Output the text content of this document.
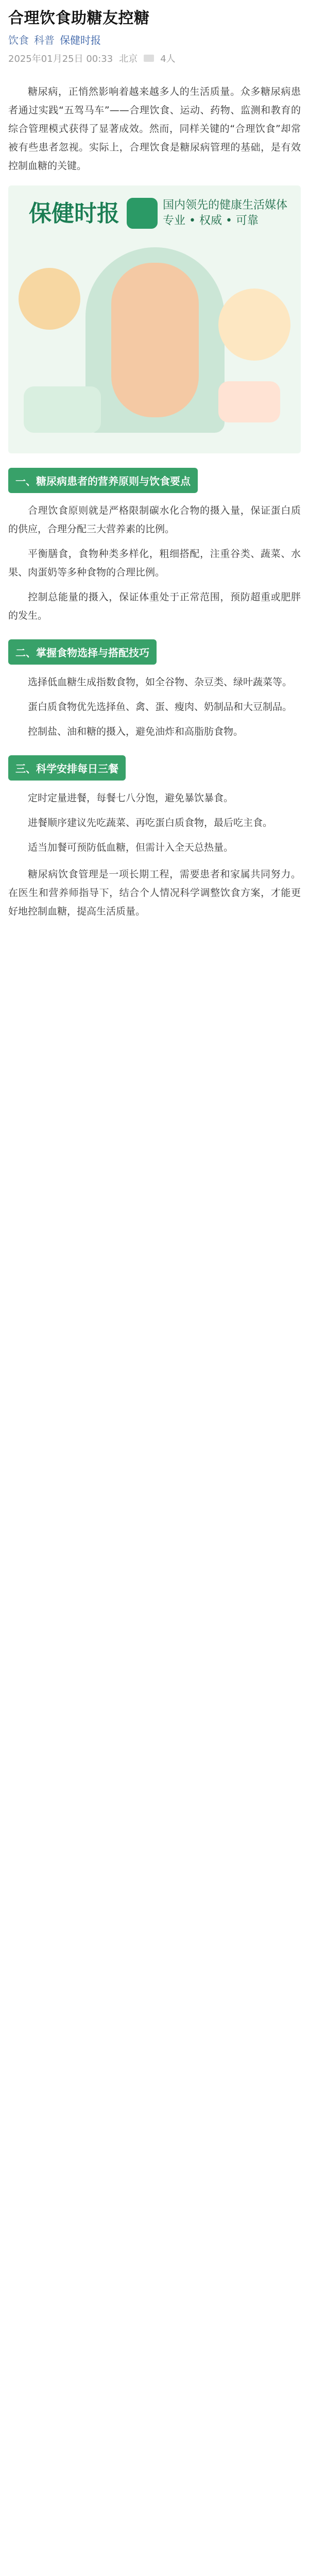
合理饮食助糖友控糖
饮食 科普 保健时报
2025年01月25日 00:33 北京 4人

糖尿病，正悄然影响着越来越多人的生活质量。众多糖尿病患者通过实践“五驾马车”——合理饮食、运动、药物、监测和教育的综合管理模式获得了显著成效。然而，同样关键的“合理饮食”却常被有些患者忽视。实际上，合理饮食是糖尿病管理的基础，是有效控制血糖的关键。

保健时报	国内领先的健康生活媒体
专业 • 权威 • 可靠
一、糖尿病患者的营养原则与饮食要点

合理饮食原则就是严格限制碳水化合物的摄入量，保证蛋白质的供应，合理分配三大营养素的比例。

平衡膳食，食物种类多样化，粗细搭配，注重谷类、蔬菜、水果、肉蛋奶等多种食物的合理比例。

控制总能量的摄入，保证体重处于正常范围，预防超重或肥胖的发生。

二、掌握食物选择与搭配技巧

选择低血糖生成指数食物，如全谷物、杂豆类、绿叶蔬菜等。

蛋白质食物优先选择鱼、禽、蛋、瘦肉、奶制品和大豆制品。

控制盐、油和糖的摄入，避免油炸和高脂肪食物。

三、科学安排每日三餐

定时定量进餐，每餐七八分饱，避免暴饮暴食。

进餐顺序建议先吃蔬菜、再吃蛋白质食物，最后吃主食。

适当加餐可预防低血糖，但需计入全天总热量。

糖尿病饮食管理是一项长期工程，需要患者和家属共同努力。在医生和营养师指导下，结合个人情况科学调整饮食方案，才能更好地控制血糖，提高生活质量。
